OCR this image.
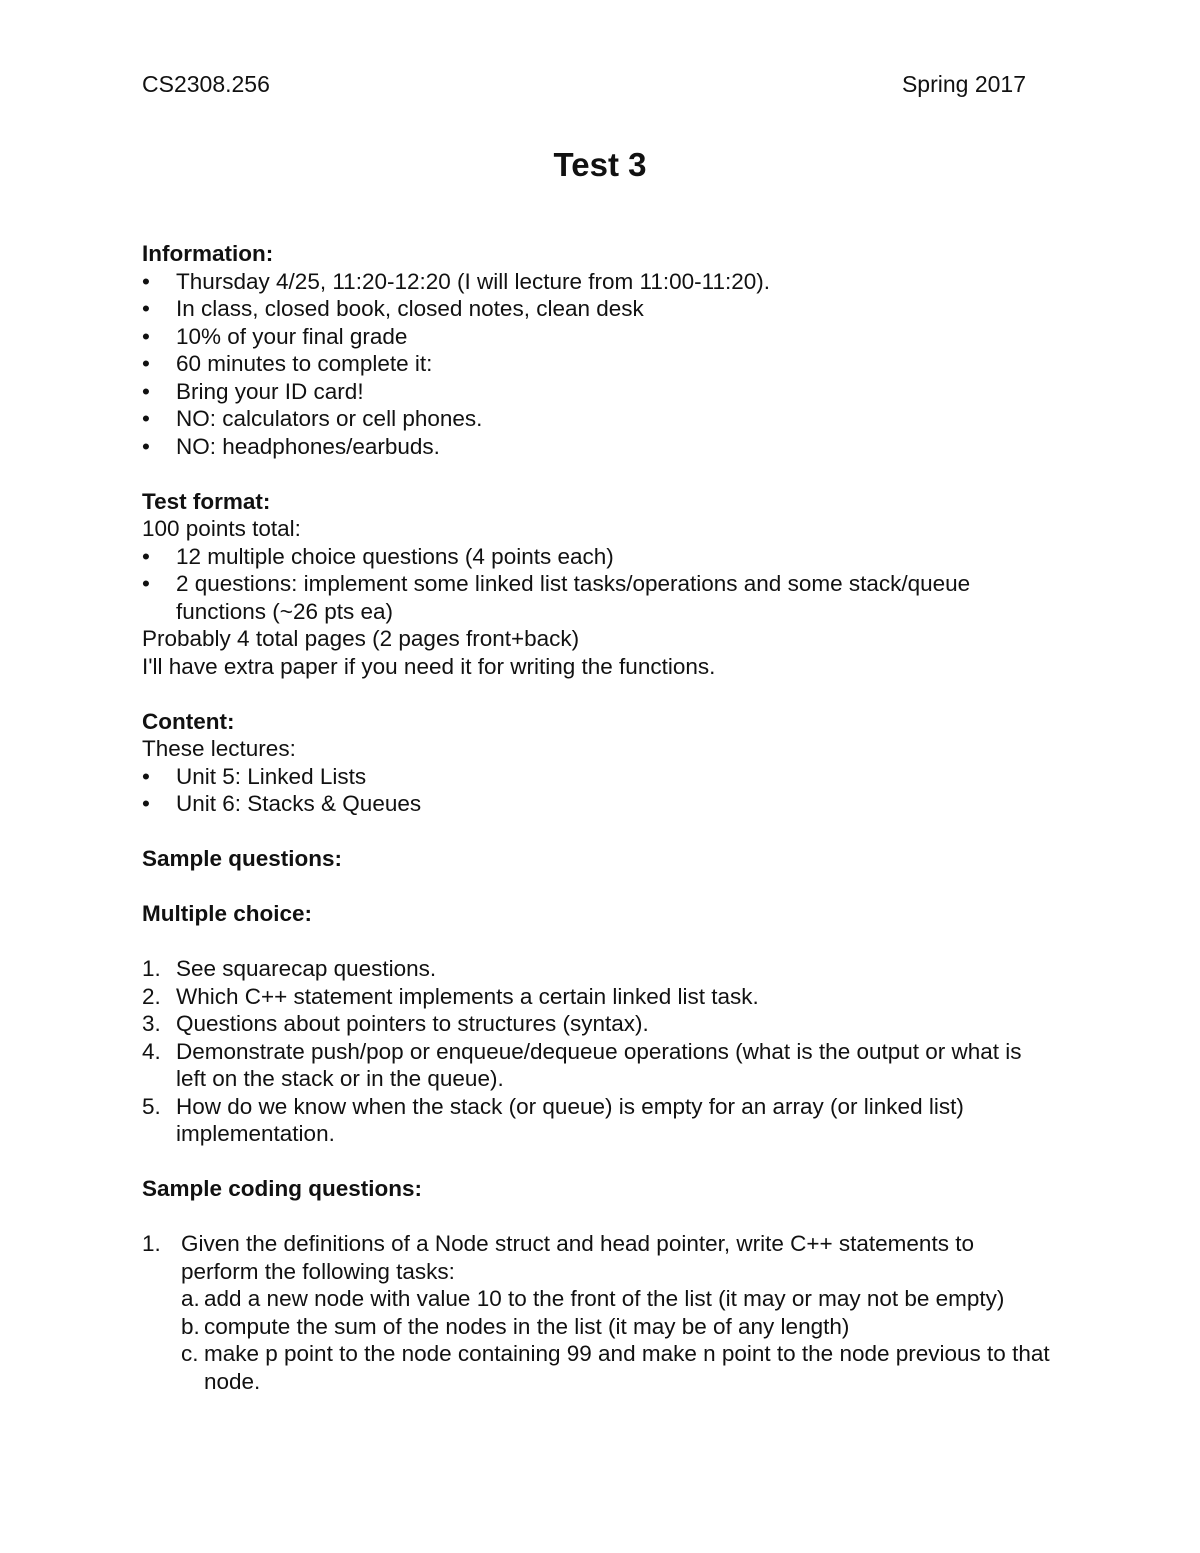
CS2308.256	Spring 2017
Test 3

Information:

• Thursday 4/25, 11:20-12:20 (I will lecture from 11:00-11:20).
• In class, closed book, closed notes, clean desk
• 10% of your final grade
• 60 minutes to complete it:
• Bring your ID card!
• NO: calculators or cell phones.
• NO: headphones/earbuds.

Test format:

100 points total:

• 12 multiple choice questions (4 points each)
• 2 questions: implement some linked list tasks/operations and some stack/queue functions (~26 pts ea)

Probably 4 total pages (2 pages front+back)

I'll have extra paper if you need it for writing the functions.

Content:

These lectures:

• Unit 5: Linked Lists
• Unit 6: Stacks & Queues

Sample questions:

Multiple choice:

1. See squarecap questions.
2. Which C++ statement implements a certain linked list task.
3. Questions about pointers to structures (syntax).
4. Demonstrate push/pop or enqueue/dequeue operations (what is the output or what is left on the stack or in the queue).
5. How do we know when the stack (or queue) is empty for an array (or linked list) implementation.

Sample coding questions:

1. Given the definitions of a Node struct and head pointer, write C++ statements to perform the following tasks:
a. add a new node with value 10 to the front of the list (it may or may not be empty)
b. compute the sum of the nodes in the list (it may be of any length)
c. make p point to the node containing 99 and make n point to the node previous to that node.
